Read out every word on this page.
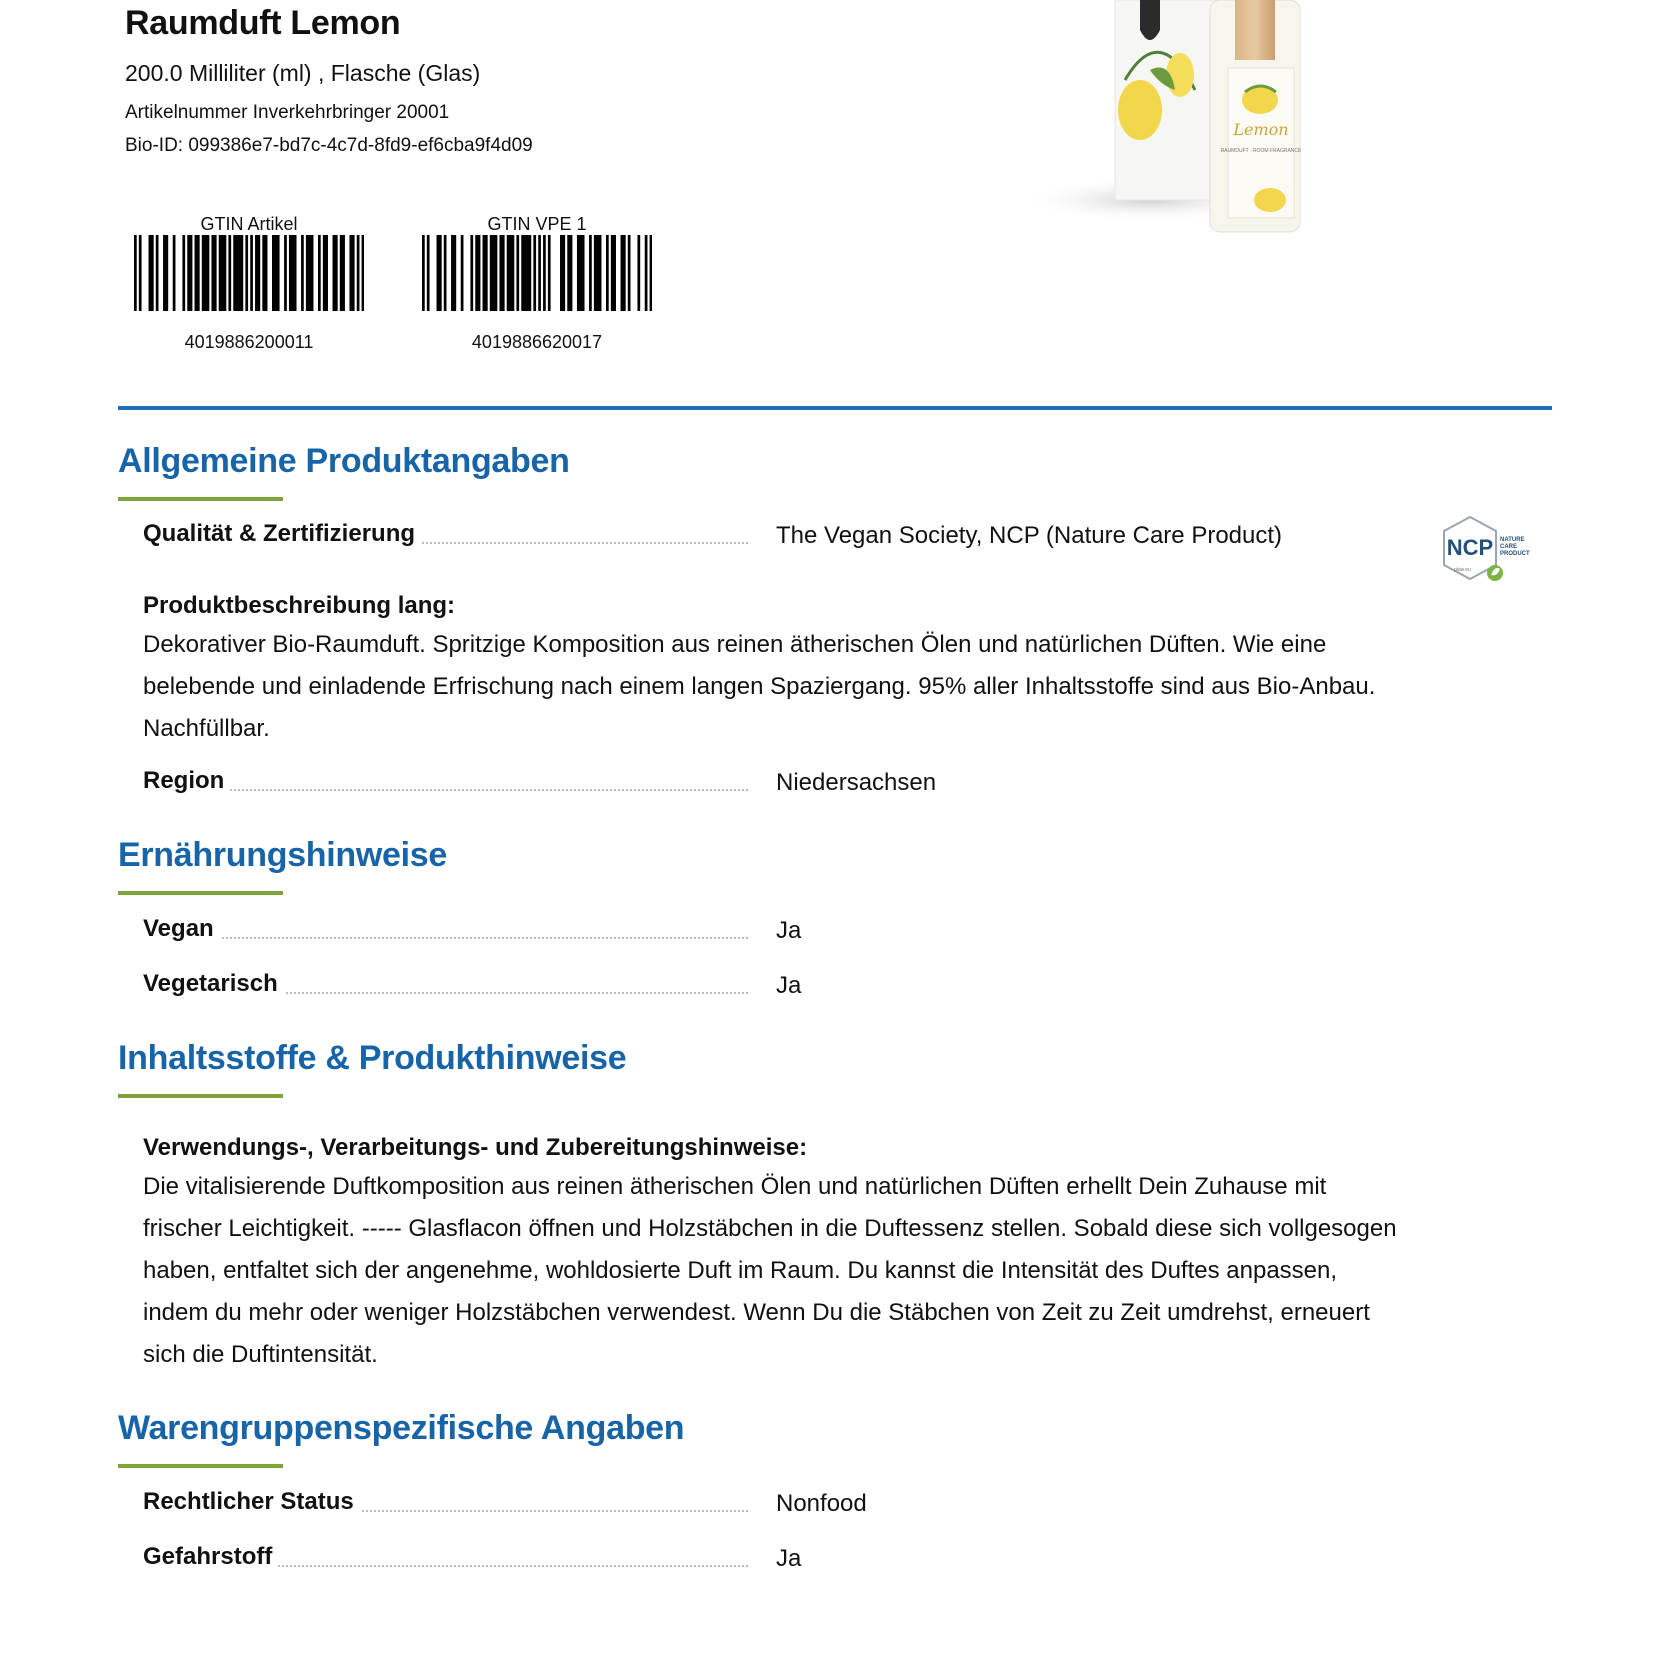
Raumduft Lemon
200.0 Milliliter (ml) , Flasche (Glas)
Artikelnummer Inverkehrbringer 20001
Bio-ID: 099386e7-bd7c-4c7d-8fd9-ef6cba9f4d09
GTIN Artikel
4019886200011
GTIN VPE 1
4019886620017
Lemon
RAUMDUFT · ROOM FRAGRANCE
Allgemeine Produktangaben
Qualität & Zertifizierung	The Vegan Society, NCP (Nature Care Product)	NCP NATURE
CARE
PRODUCT
glaw.eu
Produktbeschreibung lang:
Dekorativer Bio-Raumduft. Spritzige Komposition aus reinen ätherischen Ölen und natürlichen Düften. Wie eine belebende und einladende Erfrischung nach einem langen Spaziergang. 95% aller Inhaltsstoffe sind aus Bio-Anbau. Nachfüllbar.
Region	Niedersachsen
Ernährungshinweise
Vegan	Ja
Vegetarisch	Ja
Inhaltsstoffe & Produkthinweise
Verwendungs-, Verarbeitungs- und Zubereitungshinweise:
Die vitalisierende Duftkomposition aus reinen ätherischen Ölen und natürlichen Düften erhellt Dein Zuhause mit frischer Leichtigkeit. ----- Glasflacon öffnen und Holzstäbchen in die Duftessenz stellen. Sobald diese sich vollgesogen haben, entfaltet sich der angenehme, wohldosierte Duft im Raum. Du kannst die Intensität des Duftes anpassen, indem du mehr oder weniger Holzstäbchen verwendest. Wenn Du die Stäbchen von Zeit zu Zeit umdrehst, erneuert sich die Duftintensität.
Warengruppenspezifische Angaben
Rechtlicher Status	Nonfood
Gefahrstoff	Ja
